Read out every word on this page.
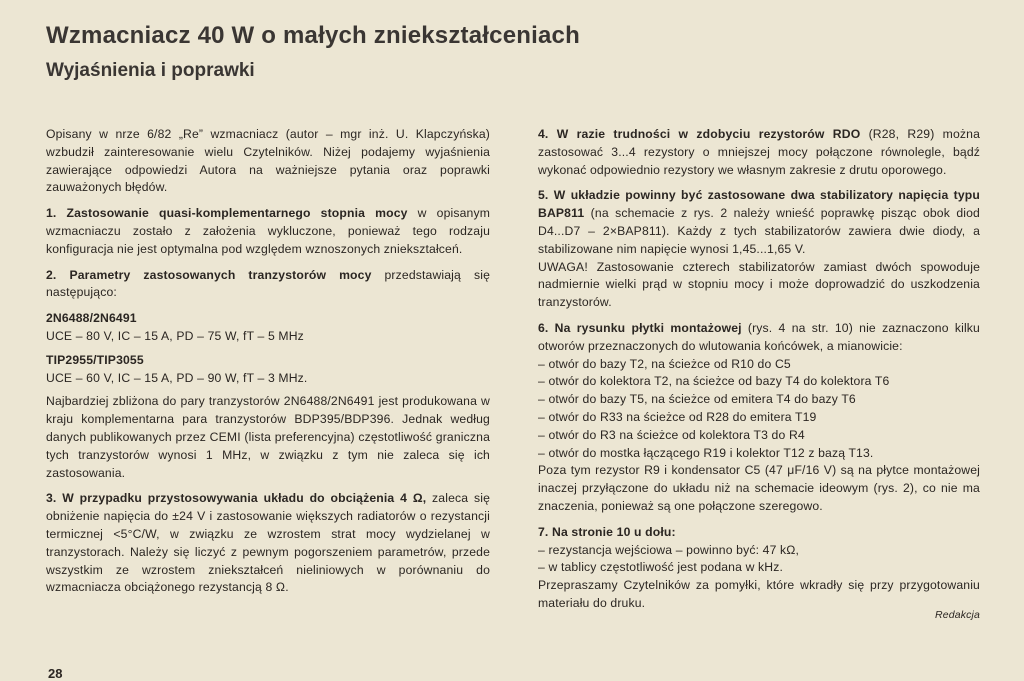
Wzmacniacz 40 W o małych zniekształceniach
Wyjaśnienia i poprawki

Opisany w nrze 6/82 „Re” wzmacniacz (autor – mgr inż. U. Klapczyńska) wzbudził zainteresowanie wielu Czytelników. Niżej podajemy wyjaśnienia zawierające odpowiedzi Autora na ważniejsze pytania oraz poprawki zauważonych błędów.

1. Zastosowanie quasi-komplementarnego stopnia mocy w opisanym wzmacniaczu zostało z założenia wykluczone, ponieważ tego rodzaju konfiguracja nie jest optymalna pod względem wznoszonych zniekształceń.

2. Parametry zastosowanych tranzystorów mocy przedstawiają się następująco:

2N6488/2N6491
UCE – 80 V, IC – 15 A, PD – 75 W, fT – 5 MHz
TIP2955/TIP3055
UCE – 60 V, IC – 15 A, PD – 90 W, fT – 3 MHz.

Najbardziej zbliżona do pary tranzystorów 2N6488/2N6491 jest produkowana w kraju komplementarna para tranzystorów BDP395/BDP396. Jednak według danych publikowanych przez CEMI (lista preferencyjna) częstotliwość graniczna tych tranzystorów wynosi 1 MHz, w związku z tym nie zaleca się ich zastosowania.

3. W przypadku przystosowywania układu do obciążenia 4 Ω, zaleca się obniżenie napięcia do ±24 V i zastosowanie większych radiatorów o rezystancji termicznej <5°C/W, w związku ze wzrostem strat mocy wydzielanej w tranzystorach. Należy się liczyć z pewnym pogorszeniem parametrów, przede wszystkim ze wzrostem zniekształceń nieliniowych w porównaniu do wzmacniacza obciążonego rezystancją 8 Ω.

4. W razie trudności w zdobyciu rezystorów RDO (R28, R29) można zastosować 3...4 rezystory o mniejszej mocy połączone równolegle, bądź wykonać odpowiednio rezystory we własnym zakresie z drutu oporowego.

5. W układzie powinny być zastosowane dwa stabilizatory napięcia typu BAP811 (na schemacie z rys. 2 należy wnieść poprawkę pisząc obok diod D4...D7 – 2×BAP811). Każdy z tych stabilizatorów zawiera dwie diody, a stabilizowane nim napięcie wynosi 1,45...1,65 V.
UWAGA! Zastosowanie czterech stabilizatorów zamiast dwóch spowoduje nadmiernie wielki prąd w stopniu mocy i może doprowadzić do uszkodzenia tranzystorów.

6. Na rysunku płytki montażowej (rys. 4 na str. 10) nie zaznaczono kilku otworów przeznaczonych do wlutowania końcówek, a mianowicie:

– otwór do bazy T2, na ścieżce od R10 do C5
– otwór do kolektora T2, na ścieżce od bazy T4 do kolektora T6
– otwór do bazy T5, na ścieżce od emitera T4 do bazy T6
– otwór do R33 na ścieżce od R28 do emitera T19
– otwór do R3 na ścieżce od kolektora T3 do R4
– otwór do mostka łączącego R19 i kolektor T12 z bazą T13.

Poza tym rezystor R9 i kondensator C5 (47 μF/16 V) są na płytce montażowej inaczej przyłączone do układu niż na schemacie ideowym (rys. 2), co nie ma znaczenia, ponieważ są one połączone szeregowo.

7. Na stronie 10 u dołu:

– rezystancja wejściowa – powinno być: 47 kΩ,
– w tablicy częstotliwość jest podana w kHz.

Przepraszamy Czytelników za pomyłki, które wkradły się przy przygotowaniu materiału do druku.

Redakcja
28
